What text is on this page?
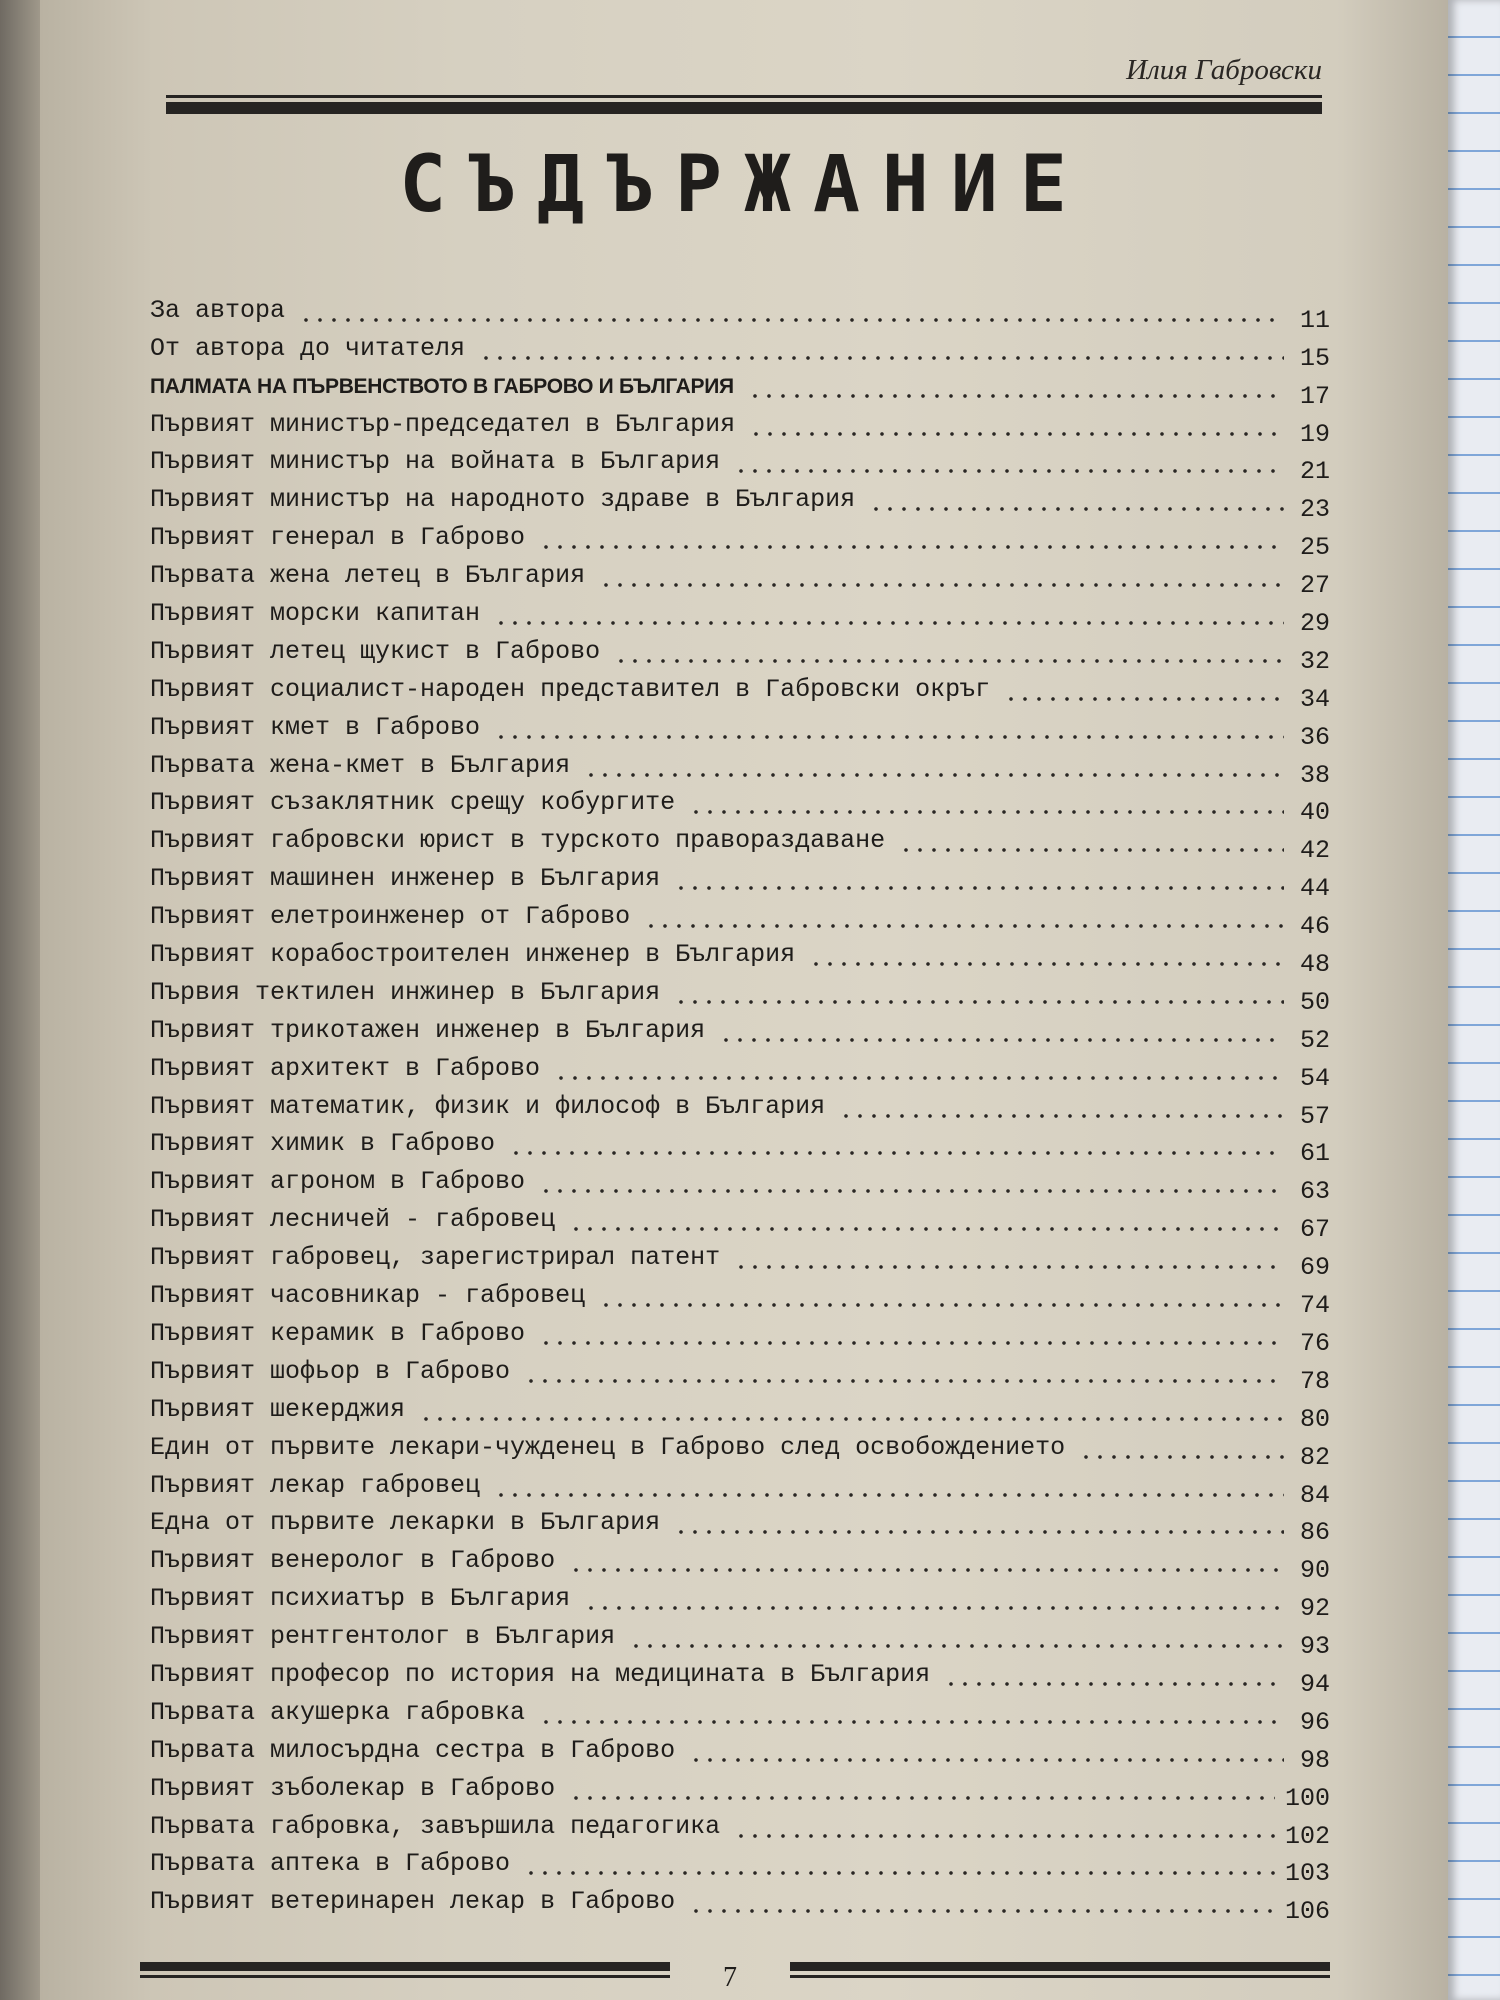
Илия Габровски
СЪДЪРЖАНИЕ
За автора	11
От автора до читателя	15
ПАЛМАТА НА ПЪРВЕНСТВОТО В ГАБРОВО И БЪЛГАРИЯ	17
Първият министър-председател в България	19
Първият министър на войната в България	21
Първият министър на народното здраве в България	23
Първият генерал в Габрово	25
Първата жена летец в България	27
Първият морски капитан	29
Първият летец щукист в Габрово	32
Първият социалист-народен представител в Габровски окръг	34
Първият кмет в Габрово	36
Първата жена-кмет в България	38
Първият съзаклятник срещу кобургите	40
Първият габровски юрист в турското правораздаване	42
Първият машинен инженер в България	44
Първият елетроинженер от Габрово	46
Първият корабостроителен инженер в България	48
Първия тектилен инжинер в България	50
Първият трикотажен инженер в България	52
Първият архитект в Габрово	54
Първият математик, физик и философ в България	57
Първият химик в Габрово	61
Първият агроном в Габрово	63
Първият лесничей - габровец	67
Първият габровец, зарегистрирал патент	69
Първият часовникар - габровец	74
Първият керамик в Габрово	76
Първият шофьор в Габрово	78
Първият шекерджия	80
Един от първите лекари-чужденец в Габрово след освобождението	82
Първият лекар габровец	84
Една от първите лекарки в България	86
Първият венеролог в Габрово	90
Първият психиатър в България	92
Първият рентгентолог в България	93
Първият професор по история на медицината в България	94
Първата акушерка габровка	96
Първата милосърдна сестра в Габрово	98
Първият зъболекар в Габрово	100
Първата габровка, завършила педагогика	102
Първата аптека в Габрово	103
Първият ветеринарен лекар в Габрово	106
7
